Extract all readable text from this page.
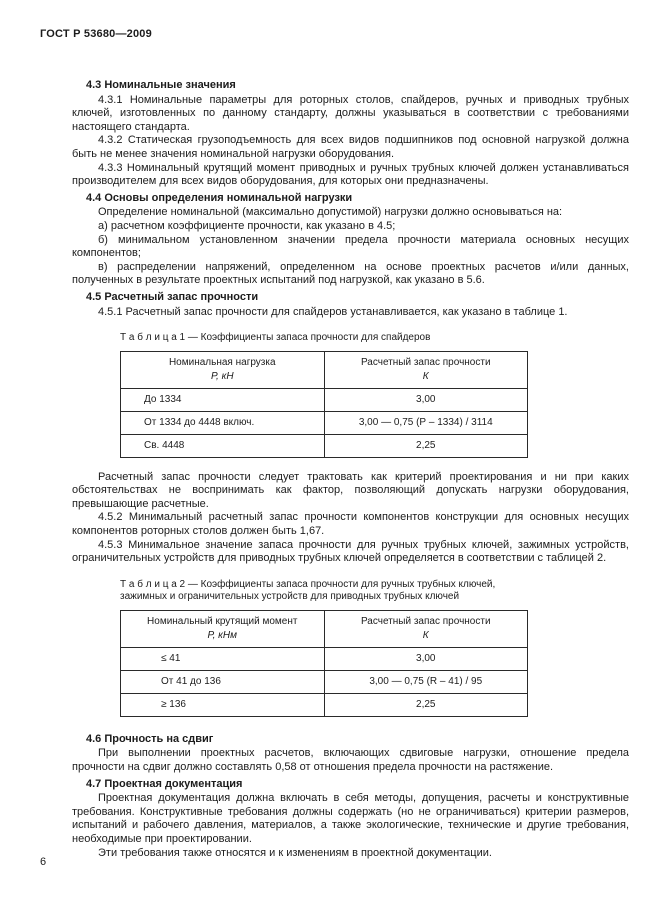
ГОСТ Р 53680—2009
4.3 Номинальные значения

4.3.1 Номинальные параметры для роторных столов, спайдеров, ручных и приводных трубных ключей, изготовленных по данному стандарту, должны указываться в соответствии с требованиями настоящего стандарта.

4.3.2 Статическая грузоподъемность для всех видов подшипников под основной нагрузкой должна быть не менее значения номинальной нагрузки оборудования.

4.3.3 Номинальный крутящий момент приводных и ручных трубных ключей должен устанавливаться производителем для всех видов оборудования, для которых они предназначены.

4.4 Основы определения номинальной нагрузки

Определение номинальной (максимально допустимой) нагрузки должно основываться на:

а) расчетном коэффициенте прочности, как указано в 4.5;

б) минимальном установленном значении предела прочности материала основных несущих компонентов;

в) распределении напряжений, определенном на основе проектных расчетов и/или данных, полученных в результате проектных испытаний под нагрузкой, как указано в 5.6.

4.5 Расчетный запас прочности

4.5.1 Расчетный запас прочности для спайдеров устанавливается, как указано в таблице 1.

Т а б л и ц а 1 — Коэффициенты запаса прочности для спайдеров
Номинальная нагрузка
Р, кН

Расчетный запас прочности
К

До 1334	3,00
От 1334 до 4448 включ.	3,00 — 0,75 (Р – 1334) / 3114
Св. 4448	2,25

Расчетный запас прочности следует трактовать как критерий проектирования и ни при каких обстоятельствах не воспринимать как фактор, позволяющий допускать нагрузки оборудования, превышающие расчетные.

4.5.2 Минимальный расчетный запас прочности компонентов конструкции для основных несущих компонентов роторных столов должен быть 1,67.

4.5.3 Минимальное значение запаса прочности для ручных трубных ключей, зажимных устройств, ограничительных устройств для приводных трубных ключей определяется в соответствии с таблицей 2.

Т а б л и ц а 2 — Коэффициенты запаса прочности для ручных трубных ключей, зажимных и ограничительных устройств для приводных трубных ключей
Номинальный крутящий момент
Р, кНм

Расчетный запас прочности
К

≤ 41	3,00
От 41 до 136	3,00 — 0,75 (R – 41) / 95
≥ 136	2,25
4.6 Прочность на сдвиг

При выполнении проектных расчетов, включающих сдвиговые нагрузки, отношение предела прочности на сдвиг должно составлять 0,58 от отношения предела прочности на растяжение.

4.7 Проектная документация

Проектная документация должна включать в себя методы, допущения, расчеты и конструктивные требования. Конструктивные требования должны содержать (но не ограничиваться) критерии размеров, испытаний и рабочего давления, материалов, а также экологические, технические и другие требования, необходимые при проектировании.

Эти требования также относятся и к изменениям в проектной документации.

6
